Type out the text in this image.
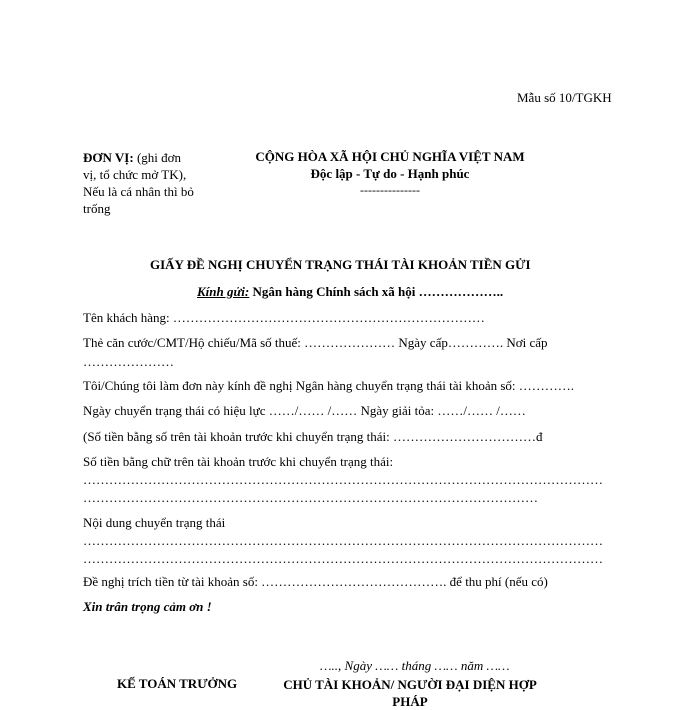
Mẫu số 10/TGKH
ĐƠN VỊ: (ghi đơn
vị, tổ chức mở TK),
Nếu là cá nhân thì bỏ
trống
CỘNG HÒA XÃ HỘI CHỦ NGHĨA VIỆT NAM
Độc lập - Tự do - Hạnh phúc
---------------
GIẤY ĐỀ NGHỊ CHUYỂN TRẠNG THÁI TÀI KHOẢN TIỀN GỬI
Kính gửi: Ngân hàng Chính sách xã hội ………………..
Tên khách hàng: ………………………………………………………………
Thẻ căn cước/CMT/Hộ chiếu/Mã số thuế: ………………… Ngày cấp…………. Nơi cấp
…………………
Tôi/Chúng tôi làm đơn này kính đề nghị Ngân hàng chuyển trạng thái tài khoản số: ………….
Ngày chuyển trạng thái có hiệu lực ……/…… /…… Ngày giải tỏa: ……/…… /……
(Số tiền bằng số trên tài khoản trước khi chuyển trạng thái: ……………………………đ
Số tiền bằng chữ trên tài khoản trước khi chuyển trạng thái:
…………………………………………………………………………………………………………
……………………………………………………………………………………………
Nội dung chuyển trạng thái
…………………………………………………………………………………………………………
…………………………………………………………………………………………………………
Đề nghị trích tiền từ tài khoản số: ……………………………………. để thu phí (nếu có)
Xin trân trọng cảm ơn !
….., Ngày …… tháng …… năm ……
KẾ TOÁN TRƯỞNG	CHỦ TÀI KHOẢN/ NGƯỜI ĐẠI DIỆN HỢP
PHÁP
